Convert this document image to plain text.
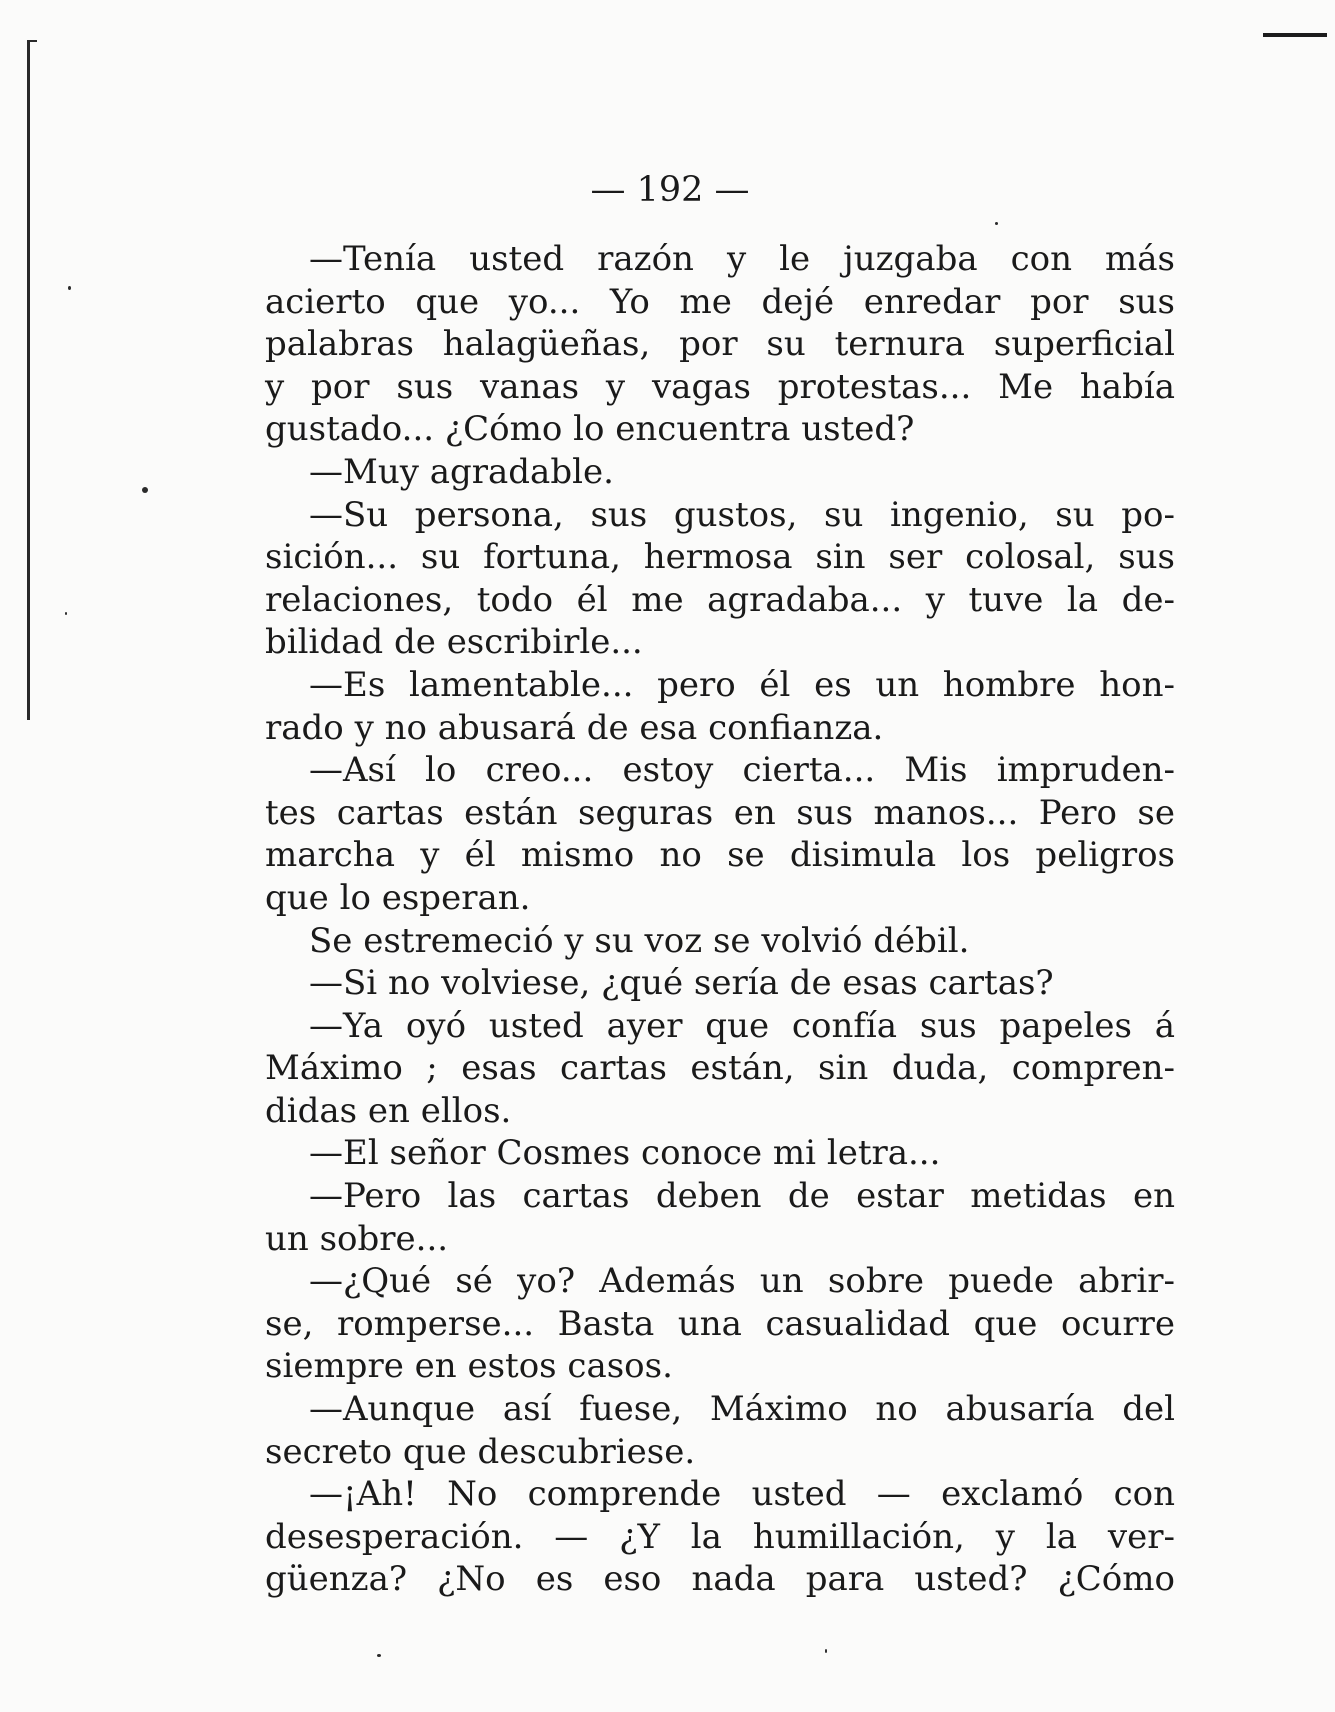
— 192 —
—Tenía usted razón y le juzgaba con más
acierto que yo... Yo me dejé enredar por sus
palabras halagüeñas, por su ternura superficial
y por sus vanas y vagas protestas... Me había
gustado... ¿Cómo lo encuentra usted?
—Muy agradable.
—Su persona, sus gustos, su ingenio, su po-
sición... su fortuna, hermosa sin ser colosal, sus
relaciones, todo él me agradaba... y tuve la de-
bilidad de escribirle...
—Es lamentable... pero él es un hombre hon-
rado y no abusará de esa confianza.
—Así lo creo... estoy cierta... Mis impruden-
tes cartas están seguras en sus manos... Pero se
marcha y él mismo no se disimula los peligros
que lo esperan.
Se estremeció y su voz se volvió débil.
—Si no volviese, ¿qué sería de esas cartas?
—Ya oyó usted ayer que confía sus papeles á
Máximo ; esas cartas están, sin duda, compren-
didas en ellos.
—El señor Cosmes conoce mi letra...
—Pero las cartas deben de estar metidas en
un sobre...
—¿Qué sé yo? Además un sobre puede abrir-
se, romperse... Basta una casualidad que ocurre
siempre en estos casos.
—Aunque así fuese, Máximo no abusaría del
secreto que descubriese.
—¡Ah! No comprende usted — exclamó con
desesperación. — ¿Y la humillación, y la ver-
güenza? ¿No es eso nada para usted? ¿Cómo
